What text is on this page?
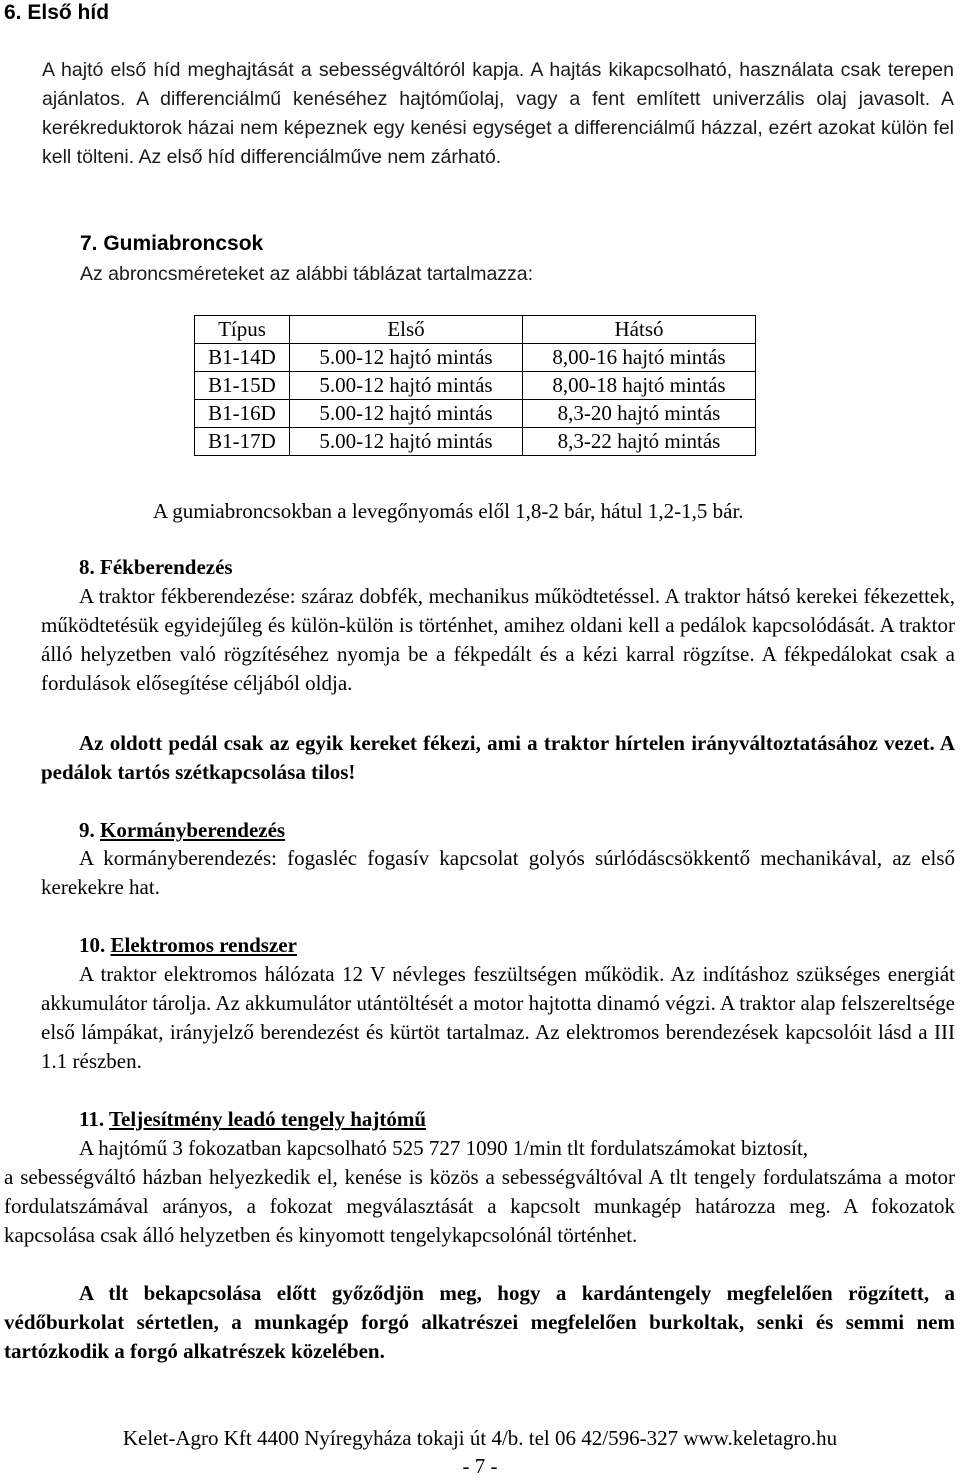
6. Első híd
A hajtó első híd meghajtását a sebességváltóról kapja. A hajtás kikapcsolható, használata csak terepen ajánlatos. A differenciálmű kenéséhez hajtóműolaj, vagy a fent említett univerzális olaj javasolt. A kerékreduktorok házai nem képeznek egy kenési egységet a differenciálmű házzal, ezért azokat külön fel kell tölteni. Az első híd differenciálműve nem zárható.
7. Gumiabroncsok
Az abroncsméreteket az alábbi táblázat tartalmazza:
Típus	Első	Hátsó
B1-14D	5.00-12 hajtó mintás	8,00-16 hajtó mintás
B1-15D	5.00-12 hajtó mintás	8,00-18 hajtó mintás
B1-16D	5.00-12 hajtó mintás	8,3-20 hajtó mintás
B1-17D	5.00-12 hajtó mintás	8,3-22 hajtó mintás
A gumiabroncsokban a levegőnyomás elől 1,8-2 bár, hátul 1,2-1,5 bár.
8. Fékberendezés
A traktor fékberendezése: száraz dobfék, mechanikus működtetéssel. A traktor hátsó kerekei fékezettek, működtetésük egyidejűleg és külön-külön is történhet, amihez oldani kell a pedálok kapcsolódását. A traktor álló helyzetben való rögzítéséhez nyomja be a fékpedált és a kézi karral rögzítse. A fékpedálokat csak a fordulások elősegítése céljából oldja.
Az oldott pedál csak az egyik kereket fékezi, ami a traktor hírtelen irányváltoztatásához vezet. A pedálok tartós szétkapcsolása tilos!
9. Kormányberendezés
A kormányberendezés: fogasléc fogasív kapcsolat golyós súrlódáscsökkentő mechanikával, az első kerekekre hat.
10. Elektromos rendszer
A traktor elektromos hálózata 12 V névleges feszültségen működik. Az indításhoz szükséges energiát akkumulátor tárolja. Az akkumulátor utántöltését a motor hajtotta dinamó végzi. A traktor alap felszereltsége első lámpákat, irányjelző berendezést és kürtöt tartalmaz. Az elektromos berendezések kapcsolóit lásd a III 1.1 részben.
11. Teljesítmény leadó tengely hajtómű
A hajtómű 3 fokozatban kapcsolható 525 727 1090 1/min tlt fordulatszámokat biztosít,
a sebességváltó házban helyezkedik el, kenése is közös a sebességváltóval A tlt tengely fordulatszáma a motor fordulatszámával arányos, a fokozat megválasztását a kapcsolt munkagép határozza meg. A fokozatok kapcsolása csak álló helyzetben és kinyomott tengelykapcsolónál történhet.
A tlt bekapcsolása előtt győződjön meg, hogy a kardántengely megfelelően rögzített, a védőburkolat sértetlen, a munkagép forgó alkatrészei megfelelően burkoltak, senki és semmi nem tartózkodik a forgó alkatrészek közelében.
Kelet-Agro Kft 4400 Nyíregyháza tokaji út 4/b. tel 06 42/596-327 www.keletagro.hu
- 7 -
